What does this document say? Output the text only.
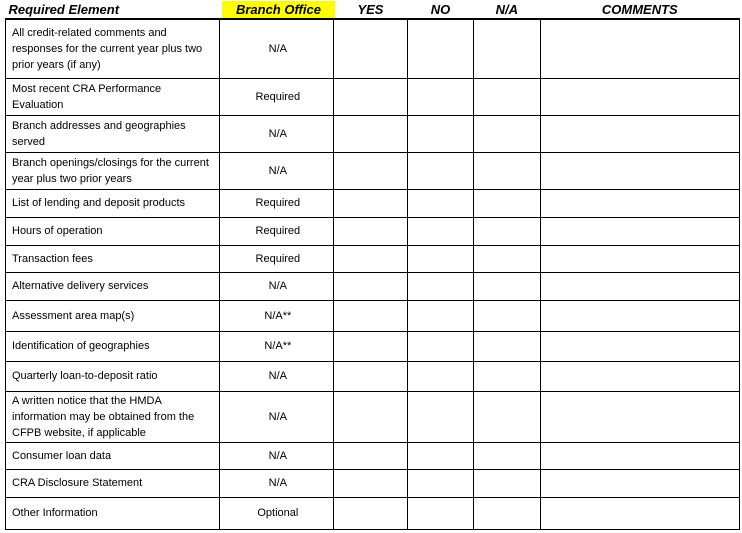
Required Element	Branch Office	YES	NO	N/A	COMMENTS
All credit-related comments and responses for the current year plus two prior years (if any)	N/A				
Most recent CRA Performance Evaluation	Required				
Branch addresses and geographies served	N/A				
Branch openings/closings for the current year plus two prior years	N/A				
List of lending and deposit products	Required				
Hours of operation	Required				
Transaction fees	Required				
Alternative delivery services	N/A				
Assessment area map(s)	N/A**				
Identification of geographies	N/A**				
Quarterly loan-to-deposit ratio	N/A				
A written notice that the HMDA information may be obtained from the CFPB website, if applicable	N/A				
Consumer loan data	N/A				
CRA Disclosure Statement	N/A				
Other Information	Optional				
